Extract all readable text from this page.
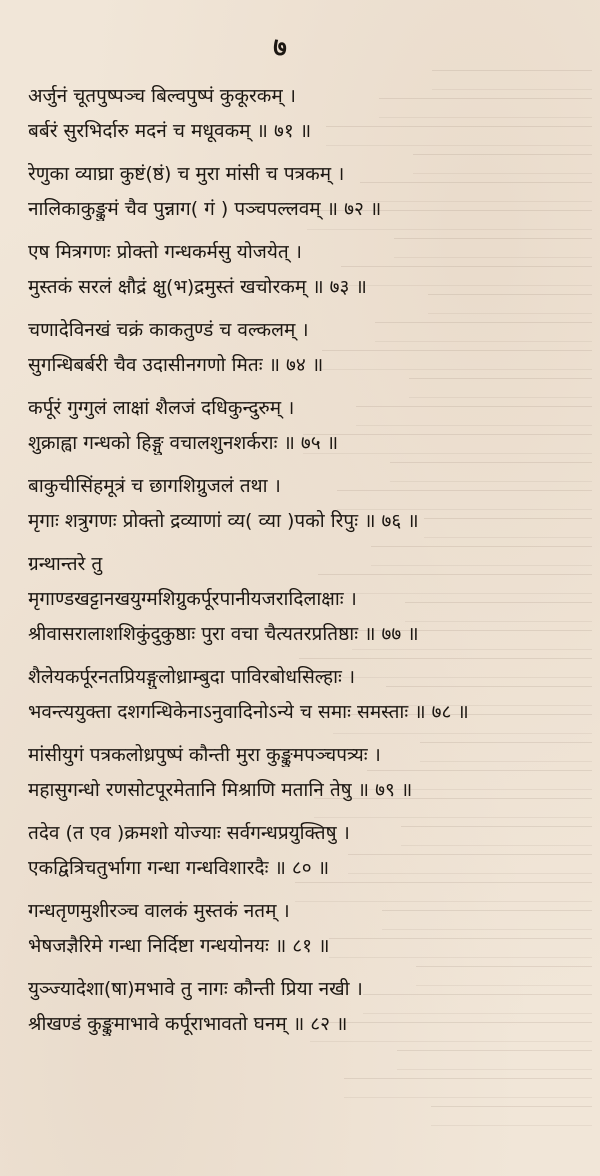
७
अर्जुनं चूतपुष्पञ्च बिल्वपुष्पं कुकूरकम् ।
बर्बरं सुरभिर्दारु मदनं च मधूवकम् ॥ ७१ ॥
रेणुका व्याघ्रा कुष्टं(ष्ठं) च मुरा मांसी च पत्रकम् ।
नालिकाकुङ्कुमं चैव पुन्नाग( गं ) पञ्चपल्लवम् ॥ ७२ ॥
एष मित्रगणः प्रोक्तो गन्धकर्मसु योजयेत् ।
मुस्तकं सरलं क्षौद्रं क्षु(भ)द्रमुस्तं खचोरकम् ॥ ७३ ॥
चणादेविनखं चक्रं काकतुण्डं च वल्कलम् ।
सुगन्धिबर्बरी चैव उदासीनगणो मितः ॥ ७४ ॥
कर्पूरं गुग्गुलं लाक्षां शैलजं दधिकुन्दुरुम् ।
शुक्राह्वा गन्धको हिङ्गु वचालशुनशर्कराः ॥ ७५ ॥
बाकुचीसिंहमूत्रं च छागशिग्रुजलं तथा ।
मृगाः शत्रुगणः प्रोक्तो द्रव्याणां व्य( व्या )पको रिपुः ॥ ७६ ॥
ग्रन्थान्तरे तु
मृगाण्डखट्टानखयुग्मशिग्रुकर्पूरपानीयजरादिलाक्षाः ।
श्रीवासरालाशशिकुंदुकुष्ठाः पुरा वचा चैत्यतरप्रतिष्ठाः ॥ ७७ ॥
शैलेयकर्पूरनतप्रियङ्गुलोध्राम्बुदा पाविरबोधसिल्हाः ।
भवन्त्ययुक्ता दशगन्धिकेनाऽनुवादिनोऽन्ये च समाः समस्ताः ॥ ७८ ॥
मांसीयुगं पत्रकलोध्रपुष्पं कौन्ती मुरा कुङ्कुमपञ्चपत्र्यः ।
महासुगन्धो रणसोटपूरमेतानि मिश्राणि मतानि तेषु ॥ ७९ ॥
तदेव (त एव )क्रमशो योज्याः सर्वगन्धप्रयुक्तिषु ।
एकद्वित्रिचतुर्भागा गन्धा गन्धविशारदैः ॥ ८० ॥
गन्धतृणमुशीरञ्च वालकं मुस्तकं नतम् ।
भेषजज्ञैरिमे गन्धा निर्दिष्टा गन्धयोनयः ॥ ८१ ॥
युञ्ज्यादेशा(षा)मभावे तु नागः कौन्ती प्रिया नखी ।
श्रीखण्डं कुङ्कुमाभावे कर्पूराभावतो घनम् ॥ ८२ ॥
